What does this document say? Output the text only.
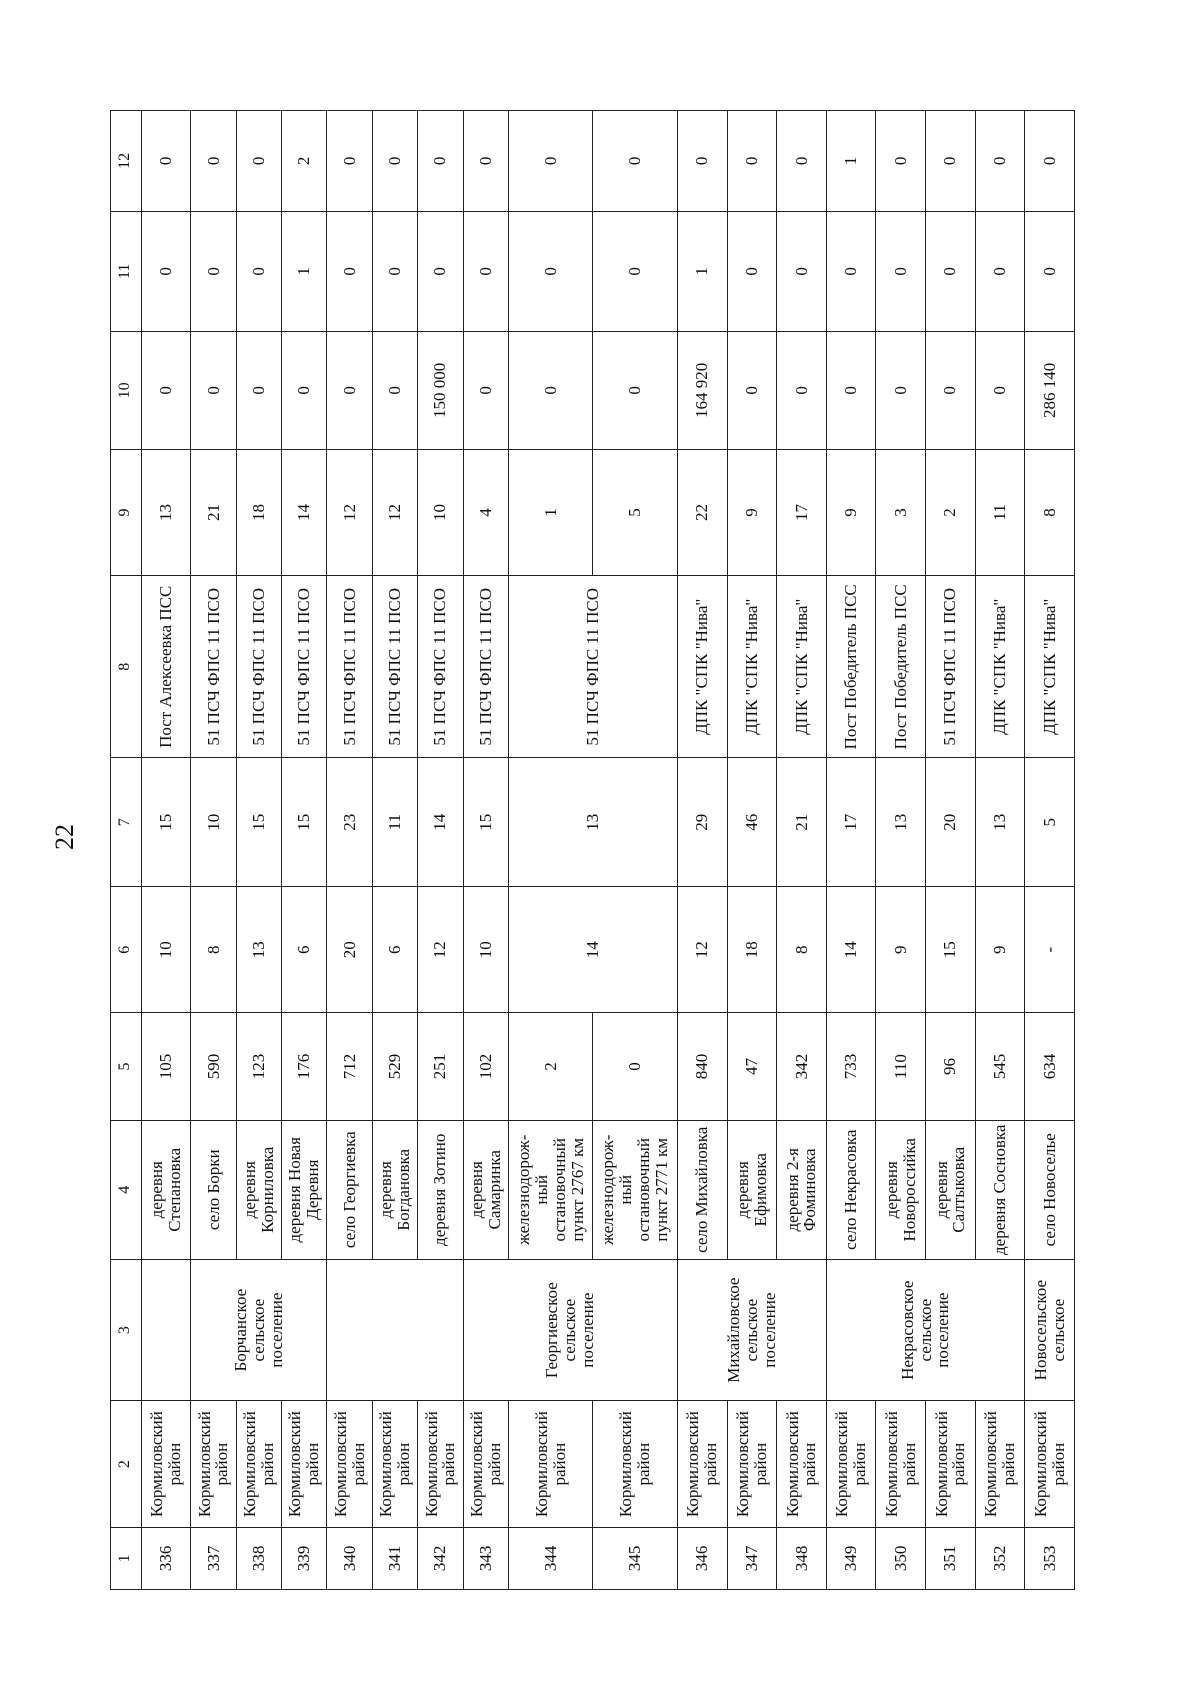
22
1	2	3	4	5	6	7	8	9	10	11	12
336	Кормиловский район		деревня Степановка	105	10	15	Пост Алексеевка ПСС	13	0	0	0
337	Кормиловский район	Борчанское сельское поселение	село Борки	590	8	10	51 ПСЧ ФПС 11 ПСО	21	0	0	0
338	Кормиловский район		деревня Корниловка	123	13	15	51 ПСЧ ФПС 11 ПСО	18	0	0	0
339	Кормиловский район		деревня Новая Деревня	176	6	15	51 ПСЧ ФПС 11 ПСО	14	0	1	2
340	Кормиловский район		село Георгиевка	712	20	23	51 ПСЧ ФПС 11 ПСО	12	0	0	0
341	Кормиловский район		деревня Богдановка	529	6	11	51 ПСЧ ФПС 11 ПСО	12	0	0	0
342	Кормиловский район		деревня Зотино	251	12	14	51 ПСЧ ФПС 11 ПСО	10	150 000	0	0
343	Кормиловский район	Георгиевское сельское поселение	деревня Самаринка	102	10	15	51 ПСЧ ФПС 11 ПСО	4	0	0	0
344	Кормиловский район		железнодорож-ный остановочный пункт 2767 км	2	14	13	51 ПСЧ ФПС 11 ПСО	1	0	0	0
345	Кормиловский район		железнодорож-ный остановочный пункт 2771 км	0				5	0	0	0
346	Кормиловский район	Михайловское сельское поселение	село Михайловка	840	12	29	ДПК "СПК "Нива"	22	164 920	1	0
347	Кормиловский район		деревня Ефимовка	47	18	46	ДПК "СПК "Нива"	9	0	0	0
348	Кормиловский район		деревня 2-я Фоминовка	342	8	21	ДПК "СПК "Нива"	17	0	0	0
349	Кормиловский район	Некрасовское сельское поселение	село Некрасовка	733	14	17	Пост Победитель ПСС	9	0	0	1
350	Кормиловский район		деревня Новороссийка	110	9	13	Пост Победитель ПСС	3	0	0	0
351	Кормиловский район		деревня Салтыковка	96	15	20	51 ПСЧ ФПС 11 ПСО	2	0	0	0
352	Кормиловский район		деревня Сосновка	545	9	13	ДПК "СПК "Нива"	11	0	0	0
353	Кормиловский район	Новосельское сельское	село Новоселье	634	-	5	ДПК "СПК "Нива"	8	286 140	0	0
